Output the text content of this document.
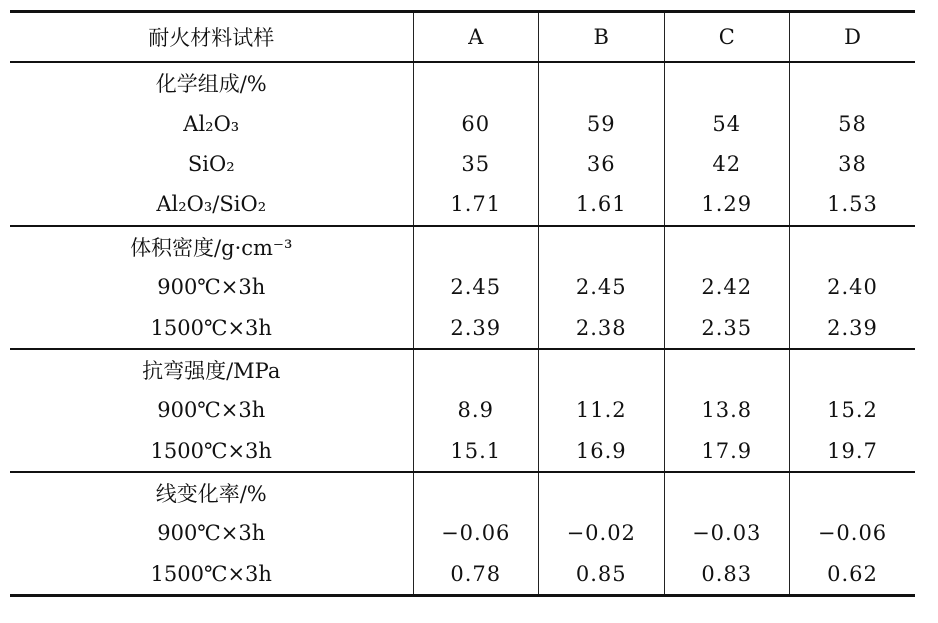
耐火材料试样	A	B	C	D
化学组成/%				
Al₂O₃	60	59	54	58
SiO₂	35	36	42	38
Al₂O₃/SiO₂	1.71	1.61	1.29	1.53
体积密度/g·cm⁻³				
900℃×3h	2.45	2.45	2.42	2.40
1500℃×3h	2.39	2.38	2.35	2.39
抗弯强度/MPa				
900℃×3h	8.9	11.2	13.8	15.2
1500℃×3h	15.1	16.9	17.9	19.7
线变化率/%				
900℃×3h	−0.06	−0.02	−0.03	−0.06
1500℃×3h	0.78	0.85	0.83	0.62
